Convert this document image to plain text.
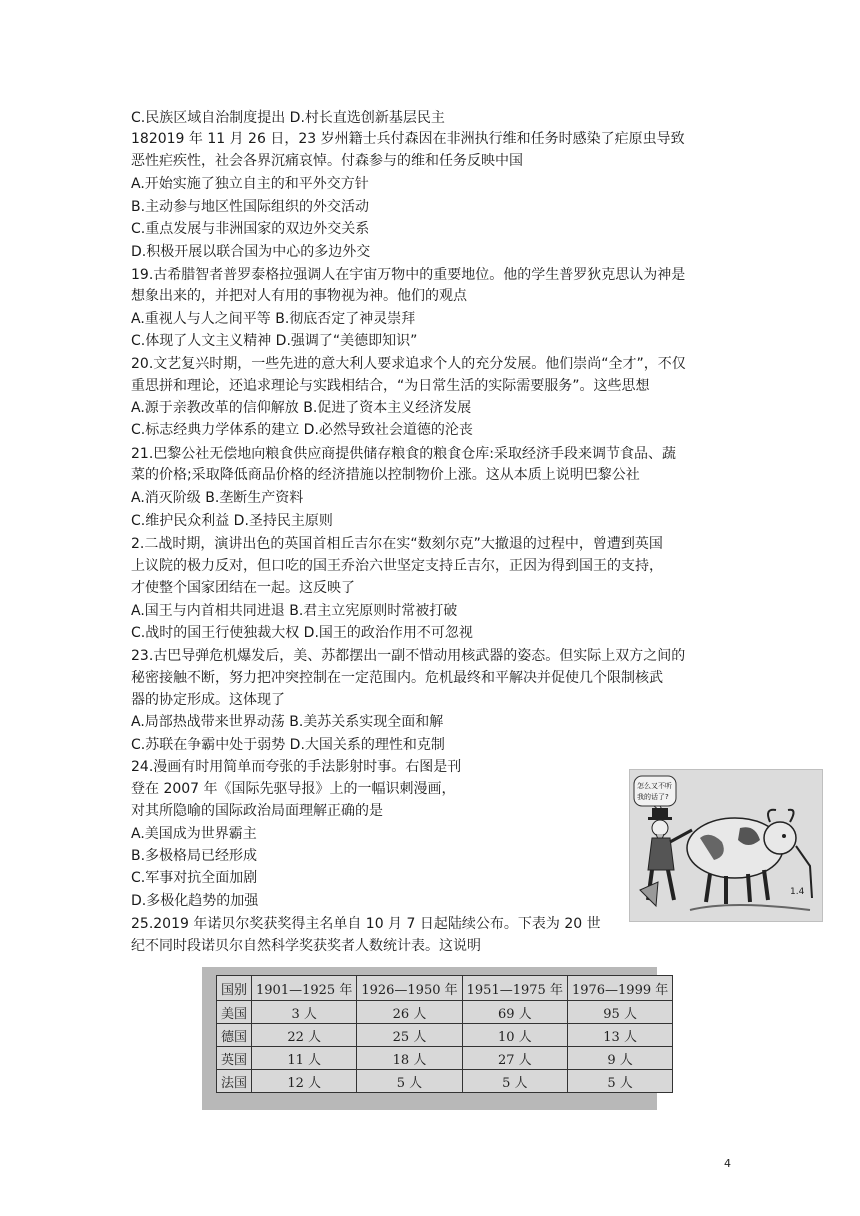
C.民族区域自治制度提出 D.村长直选创新基层民主
182019 年 11 月 26 日，23 岁州籍士兵付森因在非洲执行维和任务时感染了疟原虫导致
恶性疟疾性，社会各界沉痛哀悼。付森参与的维和任务反映中国
A.开始实施了独立自主的和平外交方针
B.主动参与地区性国际组织的外交活动
C.重点发展与非洲国家的双边外交关系
D.积极开展以联合国为中心的多边外交
19.古希腊智者普罗泰格拉强调人在宇宙万物中的重要地位。他的学生普罗狄克思认为神是
想象出来的，并把对人有用的事物视为神。他们的观点
A.重视人与人之间平等 B.彻底否定了神灵崇拜
C.体现了人文主义精神 D.强调了“美德即知识”
20.文艺复兴时期，一些先进的意大利人要求追求个人的充分发展。他们崇尚“全才”，不仅
重思拼和理论，还追求理论与实践相结合，“为日常生活的实际需要服务”。这些思想
A.源于亲教改革的信仰解放 B.促进了资本主义经济发展
C.标志经典力学体系的建立 D.必然导致社会道德的沦丧
21.巴黎公社无偿地向粮食供应商提供储存粮食的粮食仓库:采取经济手段来调节食品、蔬
菜的价格;采取降低商品价格的经济措施以控制物价上涨。这从本质上说明巴黎公社
A.消灭阶级 B.垄断生产资料
C.维护民众利益 D.圣持民主原则
2.二战时期，演讲出色的英国首相丘吉尔在实“数刻尔克”大撤退的过程中，曾遭到英国
上议院的极力反对，但口吃的国王乔治六世坚定支持丘吉尔，正因为得到国王的支持，
才使整个国家团结在一起。这反映了
A.国王与内首相共同进退 B.君主立宪原则时常被打破
C.战时的国王行使独裁大权 D.国王的政治作用不可忽视
23.古巴导弹危机爆发后，美、苏都摆出一副不惜动用核武器的姿态。但实际上双方之间的
秘密接触不断，努力把冲突控制在一定范围内。危机最终和平解决并促使几个限制核武
器的协定形成。这体现了
A.局部热战带来世界动荡 B.美苏关系实现全面和解
C.苏联在争霸中处于弱势 D.大国关系的理性和克制
24.漫画有时用简单而夸张的手法影射时事。右图是刊
登在 2007 年《国际先驱导报》上的一幅识刺漫画，
对其所隐喻的国际政治局面理解正确的是
A.美国成为世界霸主
B.多极格局已经形成
C.军事对抗全面加剧
D.多极化趋势的加强
25.2019 年诺贝尔奖获奖得主名单自 10 月 7 日起陆续公布。下表为 20 世
纪不同时段诺贝尔自然科学奖获奖者人数统计表。这说明
怎么又不听
我的话了?
1.4
国别	1901—1925 年	1926—1950 年	1951—1975 年	1976—1999 年
美国	3 人	26 人	69 人	95 人
德国	22 人	25 人	10 人	13 人
英国	11 人	18 人	27 人	9 人
法国	12 人	5 人	5 人	5 人
4
